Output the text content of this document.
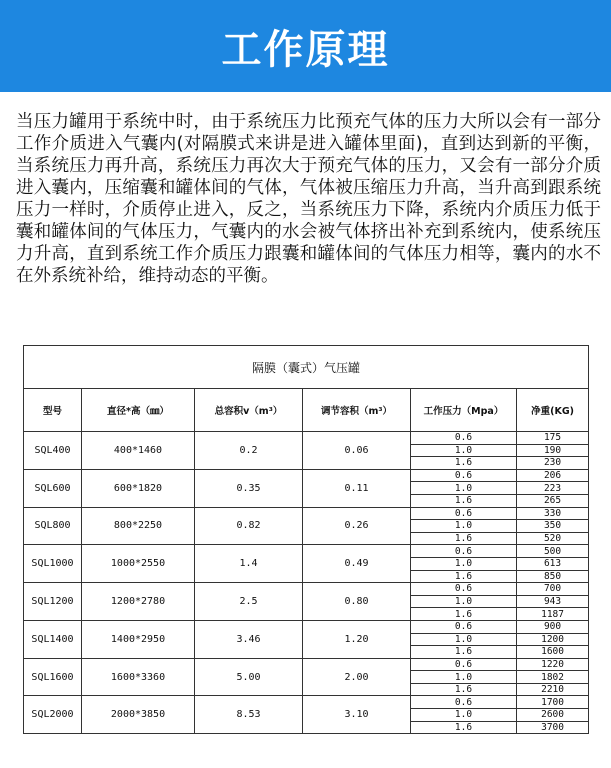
工作原理
当压力罐用于系统中时，由于系统压力比预充气体的压力大所以会有一部分工作介质进入气囊内(对隔膜式来讲是进入罐体里面)，直到达到新的平衡，当系统压力再升高，系统压力再次大于预充气体的压力，又会有一部分介质进入囊内，压缩囊和罐体间的气体，气体被压缩压力升高，当升高到跟系统压力一样时，介质停止进入，反之，当系统压力下降，系统内介质压力低于囊和罐体间的气体压力，气囊内的水会被气体挤出补充到系统内，使系统压力升高，直到系统工作介质压力跟囊和罐体间的气体压力相等，囊内的水不在外系统补给，维持动态的平衡。
隔膜（囊式）气压罐					
型号	直径*高（㎜）	总容积v（m³）	调节容积（m³）	工作压力（Mpa）	净重(KG)
SQL400	400*1460	0.2	0.06	0.6	175
				1.0	190
				1.6	230
SQL600	600*1820	0.35	0.11	0.6	206
				1.0	223
				1.6	265
SQL800	800*2250	0.82	0.26	0.6	330
				1.0	350
				1.6	520
SQL1000	1000*2550	1.4	0.49	0.6	500
				1.0	613
				1.6	850
SQL1200	1200*2780	2.5	0.80	0.6	700
				1.0	943
				1.6	1187
SQL1400	1400*2950	3.46	1.20	0.6	900
				1.0	1200
				1.6	1600
SQL1600	1600*3360	5.00	2.00	0.6	1220
				1.0	1802
				1.6	2210
SQL2000	2000*3850	8.53	3.10	0.6	1700
				1.0	2600
				1.6	3700
